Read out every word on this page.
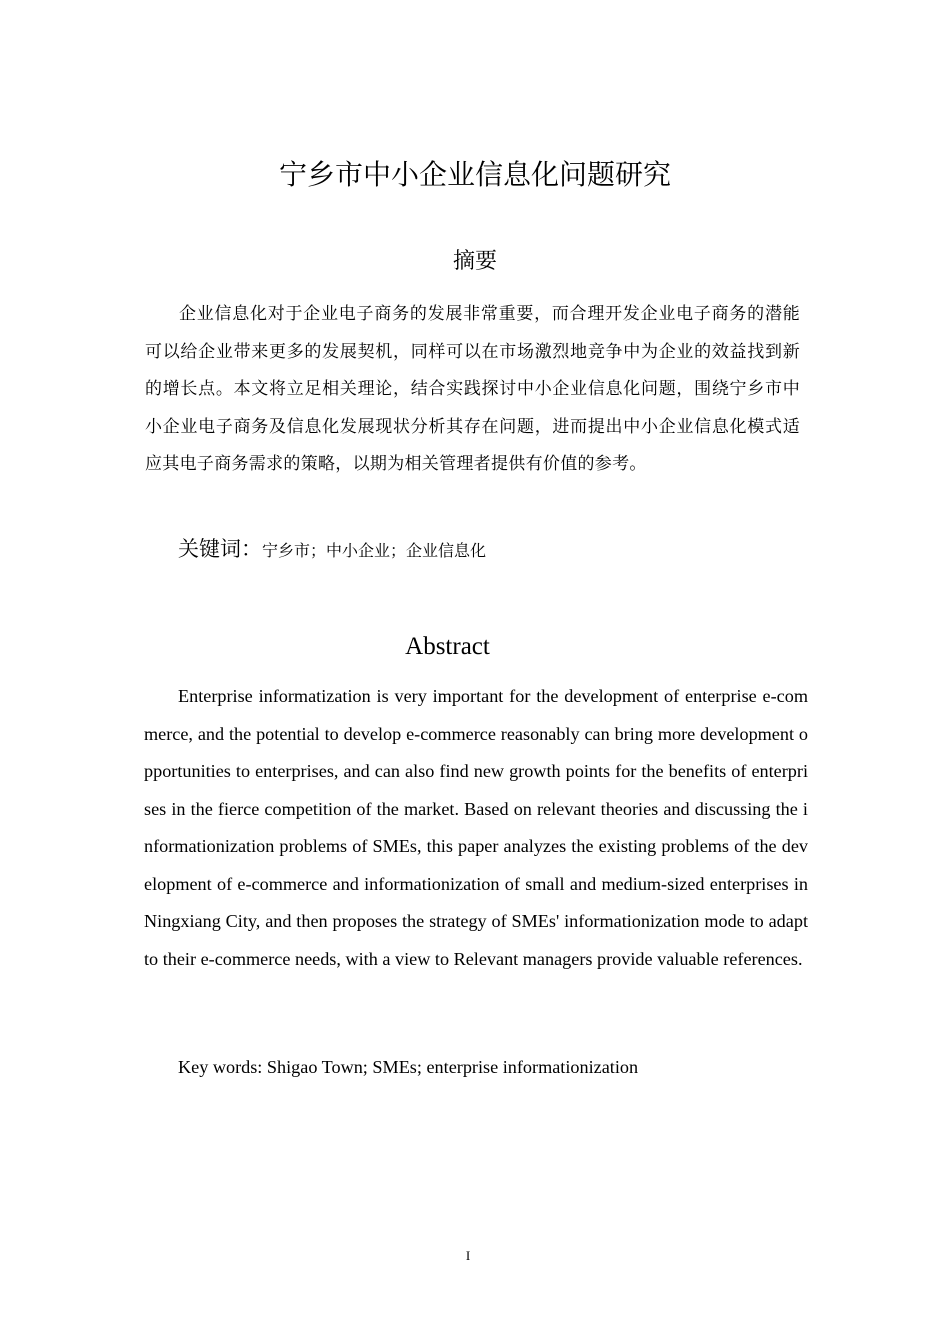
宁乡市中小企业信息化问题研究
摘要

企业信息化对于企业电子商务的发展非常重要，而合理开发企业电子商务的潜能可以给企业带来更多的发展契机，同样可以在市场激烈地竞争中为企业的效益找到新的增长点。本文将立足相关理论，结合实践探讨中小企业信息化问题，围绕宁乡市中小企业电子商务及信息化发展现状分析其存在问题，进而提出中小企业信息化模式适应其电子商务需求的策略，以期为相关管理者提供有价值的参考。

关键词：宁乡市；中小企业；企业信息化

Abstract

Enterprise informatization is very important for the development of enterprise e-commerce, and the potential to develop e-commerce reasonably can bring more development opportunities to enterprises, and can also find new growth points for the benefits of enterprises in the fierce competition of the market. Based on relevant theories and discussing the informationization problems of SMEs, this paper analyzes the existing problems of the development of e-commerce and informationization of small and medium-sized enterprises in Ningxiang City, and then proposes the strategy of SMEs' informationization mode to adapt to their e-commerce needs, with a view to Relevant managers provide valuable references.

Key words: Shigao Town; SMEs; enterprise informationization

I
